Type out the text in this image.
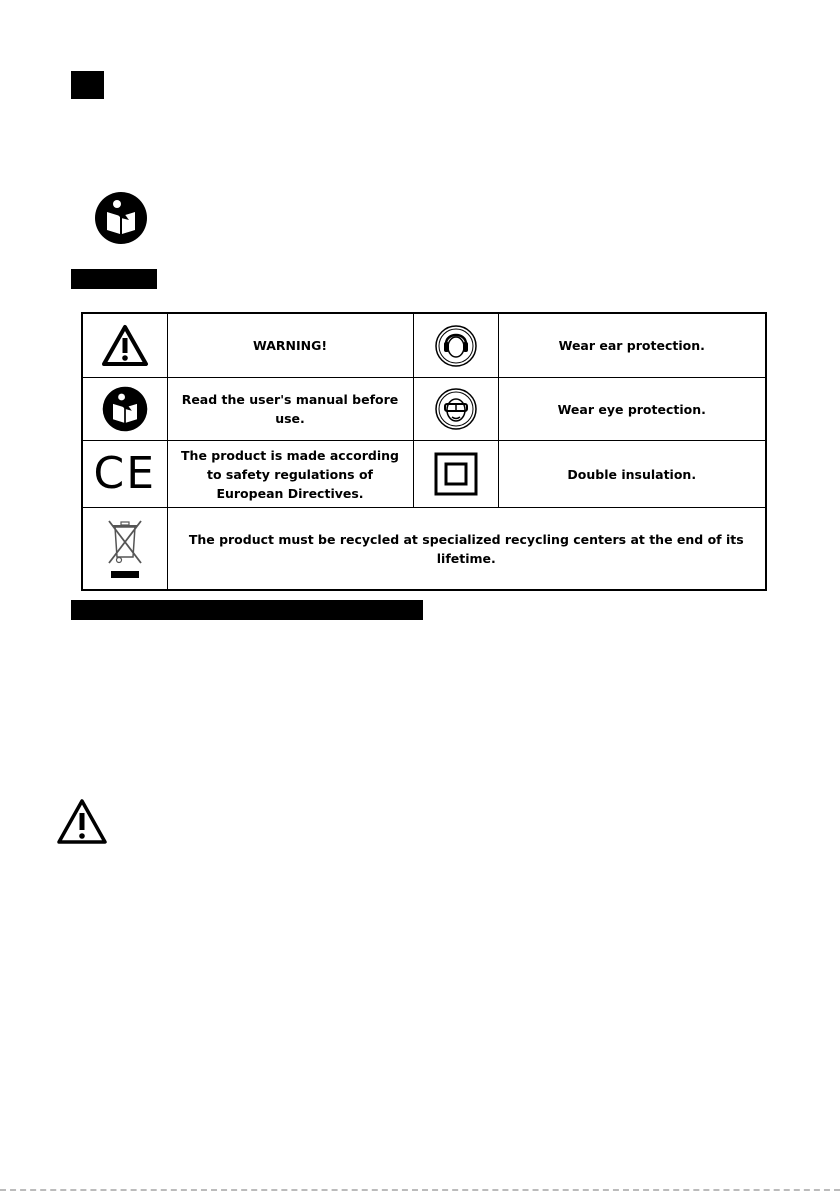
	WARNING!		Wear ear protection.

	Read the user's manual before use.		Wear eye protection.
CE	The product is made according to safety regulations of European Directives.		Double insulation.

	The product must be recycled at specialized recycling centers at the end of its lifetime.		
